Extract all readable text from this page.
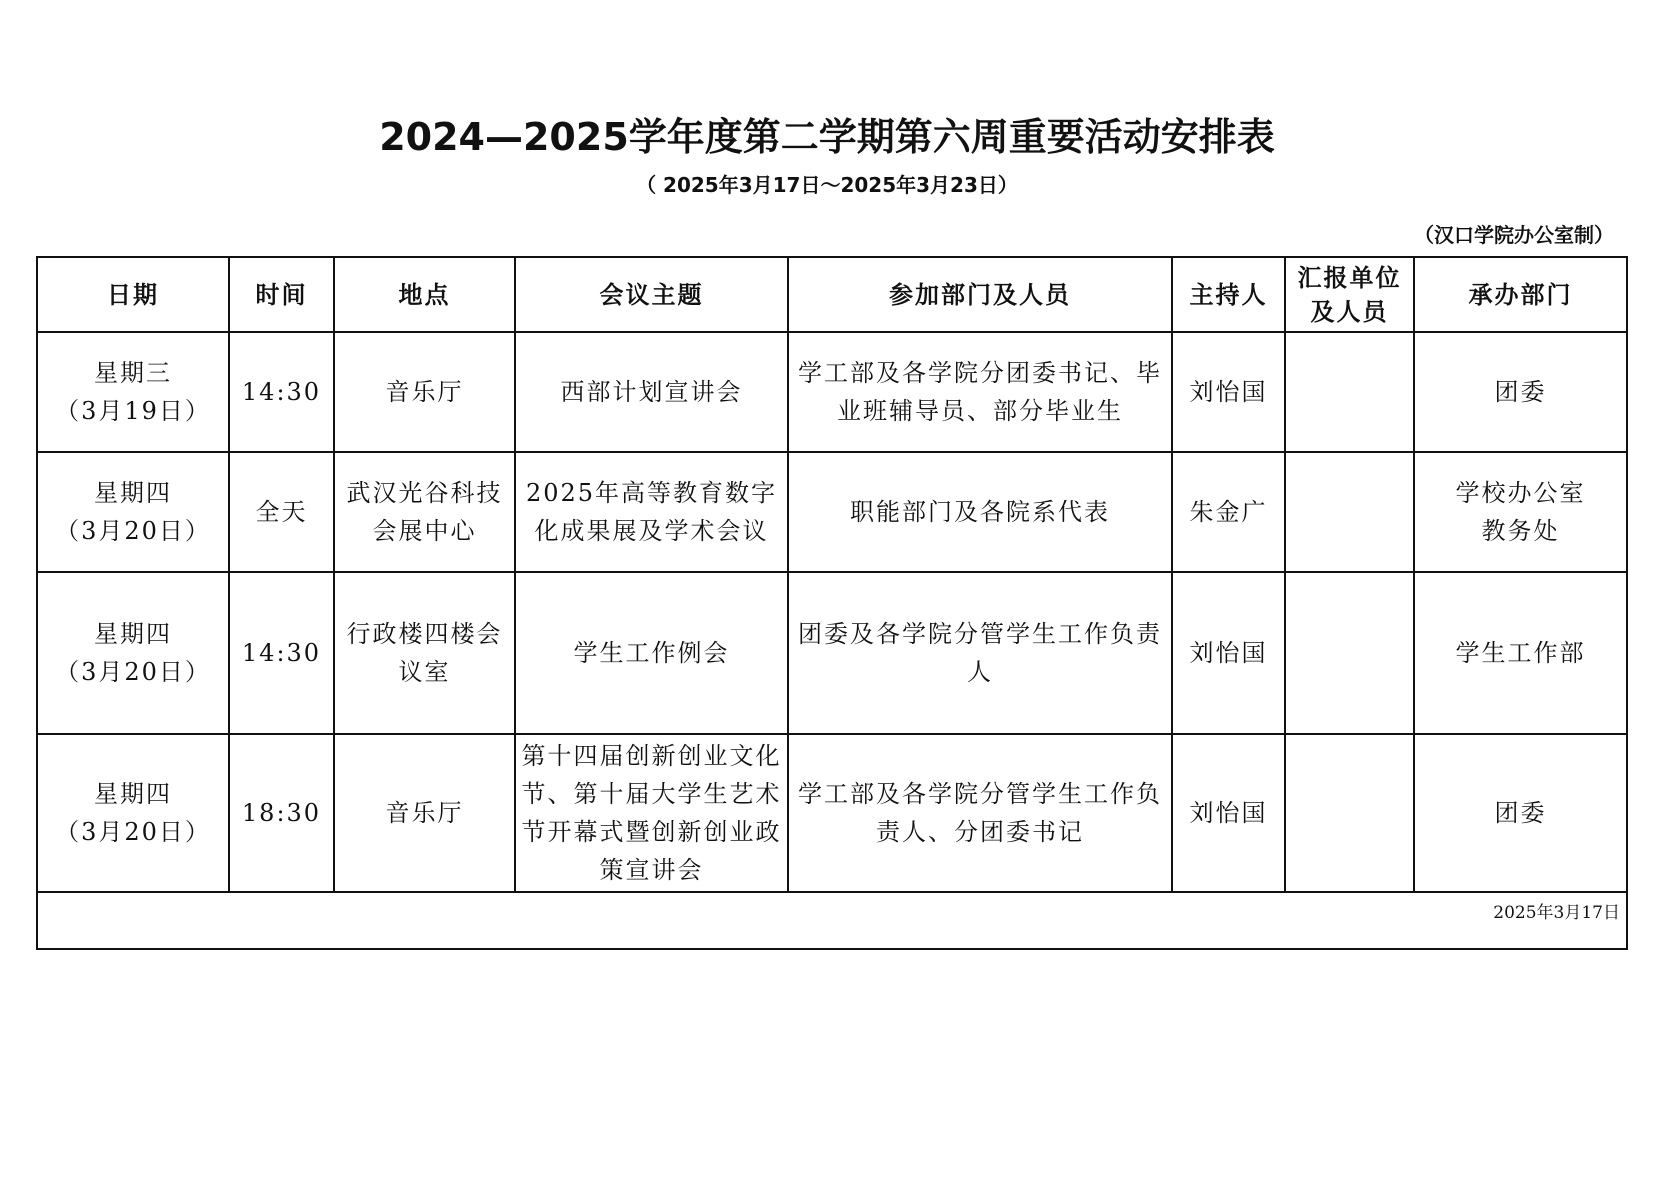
2024—2025学年度第二学期第六周重要活动安排表
（ 2025年3月17日～2025年3月23日）
（汉口学院办公室制）
日期	时间	地点	会议主题	参加部门及人员	主持人	汇报单位及人员	承办部门

星期三
（3月19日）	14:30	音乐厅	西部计划宣讲会	学工部及各学院分团委书记、毕业班辅导员、部分毕业生	刘怡国		团委

星期四
（3月20日）	全天	武汉光谷科技会展中心	2025年高等教育数字化成果展及学术会议	职能部门及各院系代表	朱金广		学校办公室
教务处

星期四
（3月20日）	14:30	行政楼四楼会议室	学生工作例会	团委及各学院分管学生工作负责人	刘怡国		学生工作部

星期四
（3月20日）	18:30	音乐厅	第十四届创新创业文化节、第十届大学生艺术节开幕式暨创新创业政策宣讲会	学工部及各学院分管学生工作负责人、分团委书记	刘怡国		团委
2025年3月17日							
